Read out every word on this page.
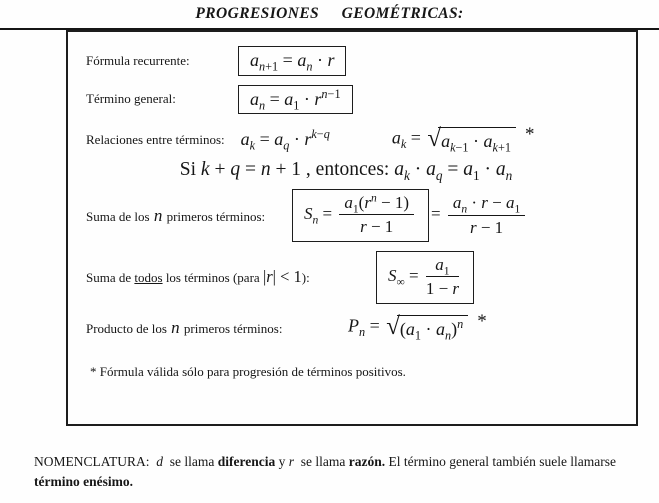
PROGRESIONES  GEOMÉTRICAS:
Fórmula recurrente:	$a_{n+1} = a_n \cdot r$
Término general:	$a_n = a_1 \cdot r^{n-1}$
Relaciones entre términos: $a_k = a_q \cdot r^{k-q}$	$a_k$ = √ $a_{k-1} \cdot a_{k+1}$
*
Si k + q = n + 1 , entonces: $a_k \cdot a_q = a_1 \cdot a_n$
Suma de los n primeros términos:	$S_n = \frac{a_1(r^n - 1)}{r - 1} = \frac{a_n \cdot r - a_1}{r - 1}$
Suma de todos los términos (para |r| < 1):	$S_\infty = \frac{a_1}{1 - r}$
Producto de los n primeros términos:	$P_n$ = √ $(a_1 \cdot a_n)^n$ *
* Fórmula válida sólo para progresión de términos positivos.
NOMENCLATURA:  d  se llama diferencia y r  se llama razón. El término general también suele llamarse término enésimo.
